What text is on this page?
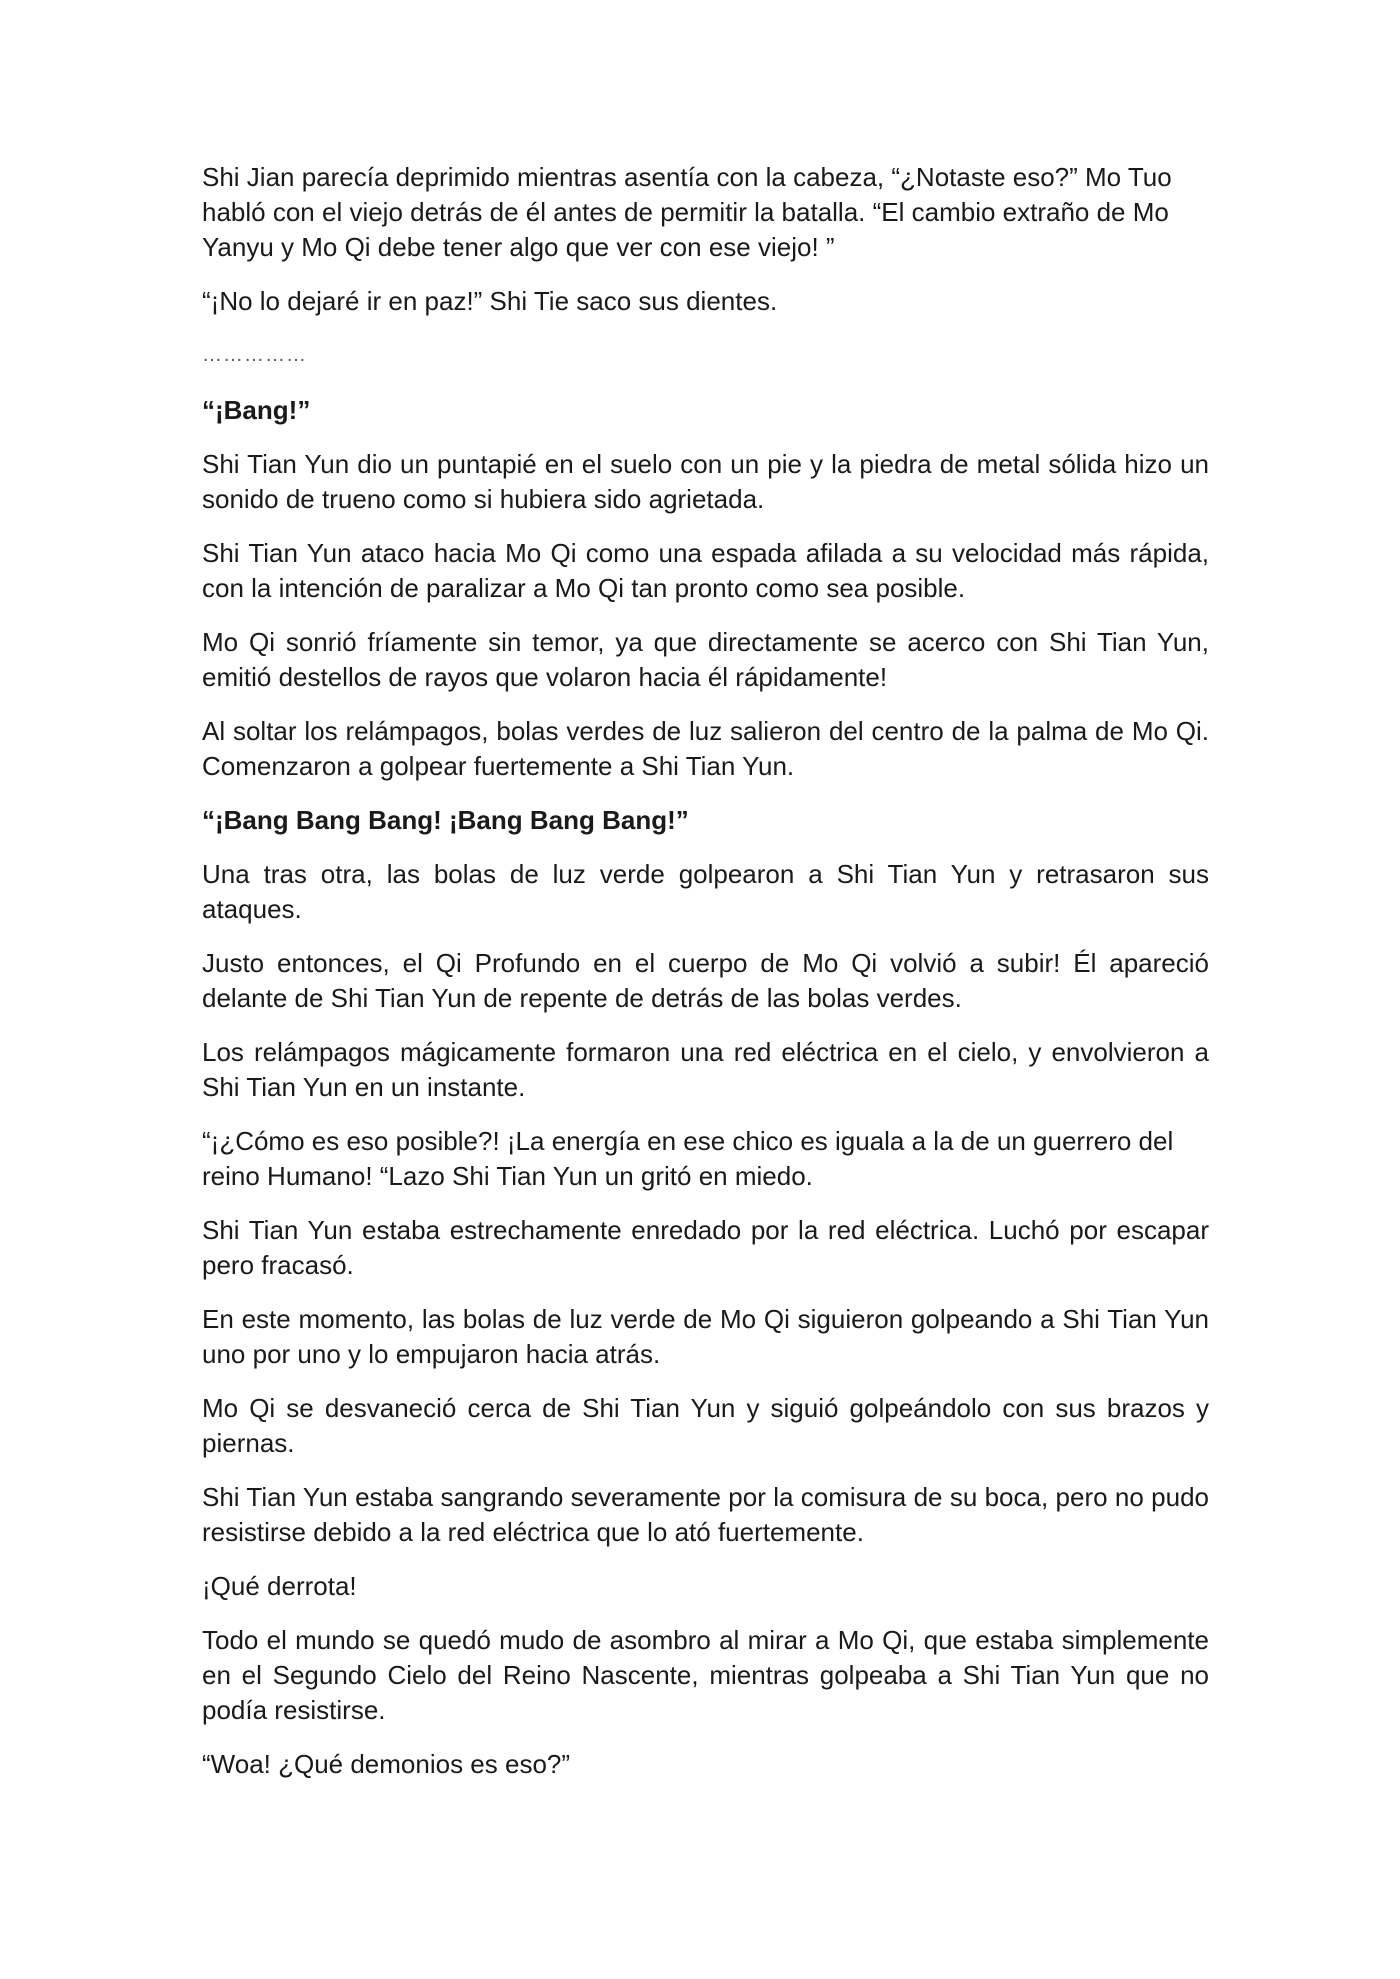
Shi Jian parecía deprimido mientras asentía con la cabeza, “¿Notaste eso?” Mo Tuo habló con el viejo detrás de él antes de permitir la batalla. “El cambio extraño de Mo Yanyu y Mo Qi debe tener algo que ver con ese viejo! ”

“¡No lo dejaré ir en paz!” Shi Tie saco sus dientes.

……………

“¡Bang!”

Shi Tian Yun dio un puntapié en el suelo con un pie y la piedra de metal sólida hizo un sonido de trueno como si hubiera sido agrietada.

Shi Tian Yun ataco hacia Mo Qi como una espada afilada a su velocidad más rápida, con la intención de paralizar a Mo Qi tan pronto como sea posible.

Mo Qi sonrió fríamente sin temor, ya que directamente se acerco con Shi Tian Yun, emitió destellos de rayos que volaron hacia él rápidamente!

Al soltar los relámpagos, bolas verdes de luz salieron del centro de la palma de Mo Qi. Comenzaron a golpear fuertemente a Shi Tian Yun.

“¡Bang Bang Bang! ¡Bang Bang Bang!”

Una tras otra, las bolas de luz verde golpearon a Shi Tian Yun y retrasaron sus ataques.

Justo entonces, el Qi Profundo en el cuerpo de Mo Qi volvió a subir! Él apareció delante de Shi Tian Yun de repente de detrás de las bolas verdes.

Los relámpagos mágicamente formaron una red eléctrica en el cielo, y envolvieron a Shi Tian Yun en un instante.

“¡¿Cómo es eso posible?! ¡La energía en ese chico es iguala a la de un guerrero del reino Humano! “Lazo Shi Tian Yun un gritó en miedo.

Shi Tian Yun estaba estrechamente enredado por la red eléctrica. Luchó por escapar pero fracasó.

En este momento, las bolas de luz verde de Mo Qi siguieron golpeando a Shi Tian Yun uno por uno y lo empujaron hacia atrás.

Mo Qi se desvaneció cerca de Shi Tian Yun y siguió golpeándolo con sus brazos y piernas.

Shi Tian Yun estaba sangrando severamente por la comisura de su boca, pero no pudo resistirse debido a la red eléctrica que lo ató fuertemente.

¡Qué derrota!

Todo el mundo se quedó mudo de asombro al mirar a Mo Qi, que estaba simplemente en el Segundo Cielo del Reino Nascente, mientras golpeaba a Shi Tian Yun que no podía resistirse.

“Woa! ¿Qué demonios es eso?”
